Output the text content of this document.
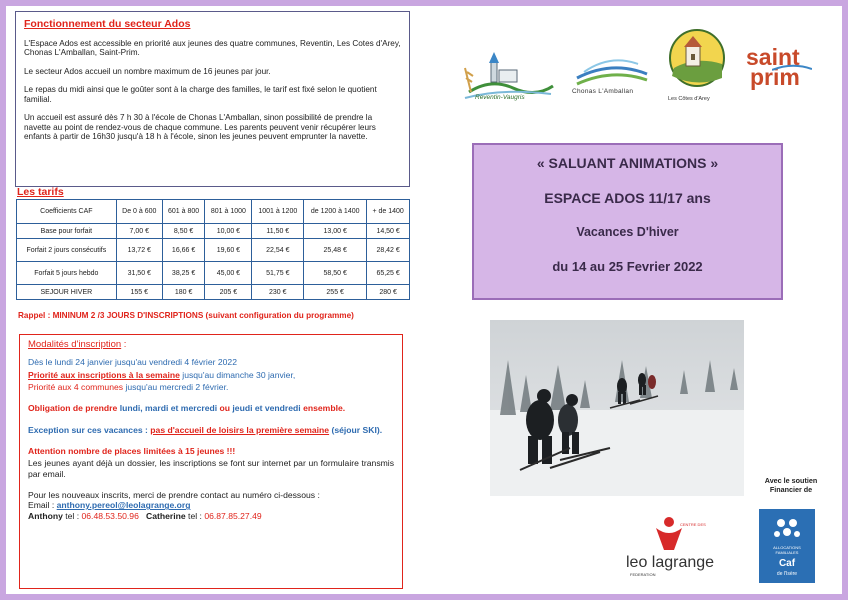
Fonctionnement du secteur Ados

L'Espace Ados est accessible en priorité aux jeunes des quatre communes, Reventin, Les Cotes d'Arey, Chonas L'Amballan, Saint-Prim.

Le secteur Ados accueil un nombre maximum de 16 jeunes par jour.

Le repas du midi ainsi que le goûter sont à la charge des familles, le tarif est fixé selon le quotient familial.

Un accueil est assuré dès 7 h 30 à l'école de Chonas L'Amballan, sinon possibilité de prendre la navette au point de rendez-vous de chaque commune. Les parents peuvent venir récupérer leurs enfants à partir de 16h30 jusqu'à 18 h à l'école, sinon les jeunes peuvent emprunter la navette.

Les tarifs
Coefficients CAF	De 0 à 600	601 à 800	801 à 1000	1001 à 1200	de 1200 à 1400	+ de 1400
Base pour forfait	7,00 €	8,50 €	10,00 €	11,50 €	13,00 €	14,50 €
Forfait 2 jours consécutifs	13,72 €	16,66 €	19,60 €	22,54 €	25,48 €	28,42 €
Forfait 5 jours hebdo	31,50 €	38,25 €	45,00 €	51,75 €	58,50 €	65,25 €
SEJOUR HIVER	155 €	180 €	205 €	230 €	255 €	280 €
Rappel : MININUM 2 /3 JOURS D'INSCRIPTIONS (suivant configuration du programme)
Modalités d'inscription :
Dès le lundi 24 janvier jusqu'au vendredi 4 février 2022
Priorité aux inscriptions à la semaine jusqu'au dimanche 30 janvier,
Priorité aux 4 communes jusqu'au mercredi 2 février.
Obligation de prendre lundi, mardi et mercredi ou jeudi et vendredi ensemble.
Exception sur ces vacances : pas d'accueil de loisirs la première semaine (séjour SKI).
Attention nombre de places limitées à 15 jeunes !!!
Les jeunes ayant déjà un dossier, les inscriptions se font sur internet par un formulaire transmis par email.
Pour les nouveaux inscrits, merci de prendre contact au numéro ci-dessous :
Email : anthony.pereol@leolagrange.org
Anthony tel : 06.48.53.50.96 Catherine tel : 06.87.85.27.49
Reventin-Vaugris
Chonas L'Amballan
Les Côtes d'Arey
saint
prim
« SALUANT ANIMATIONS »
ESPACE ADOS 11/17 ans
Vacances D'hiver
du 14 au 25 Fevrier 2022
Avec le soutien Financier de
CENTRE DES
leo lagrange
FEDERATION
ALLOCATIONS FAMILIALES
Caf
de l'Isère
